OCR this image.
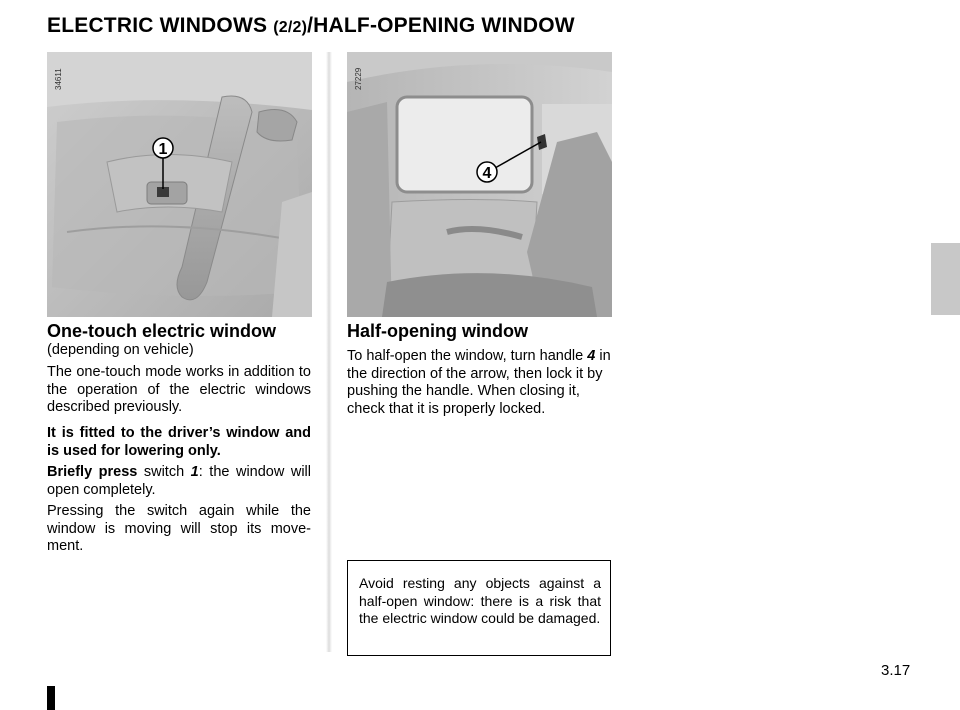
ELECTRIC WINDOWS (2/2)/HALF-OPENING WINDOW
1
34611
4
27229
One-touch electric window
(depending on vehicle)
The one-touch mode works in addition to the operation of the electric windows described previously.
It is fitted to the driver’s window and is used for lowering only.
Briefly press switch 1: the window will open completely.
Pressing the switch again while the window is moving will stop its move-ment.
Half-opening window
To half-open the window, turn handle 4 in the direction of the arrow, then lock it by pushing the handle. When closing it, check that it is properly locked.
Avoid resting any objects against a half-open window: there is a risk that the electric window could be damaged.
3.17
